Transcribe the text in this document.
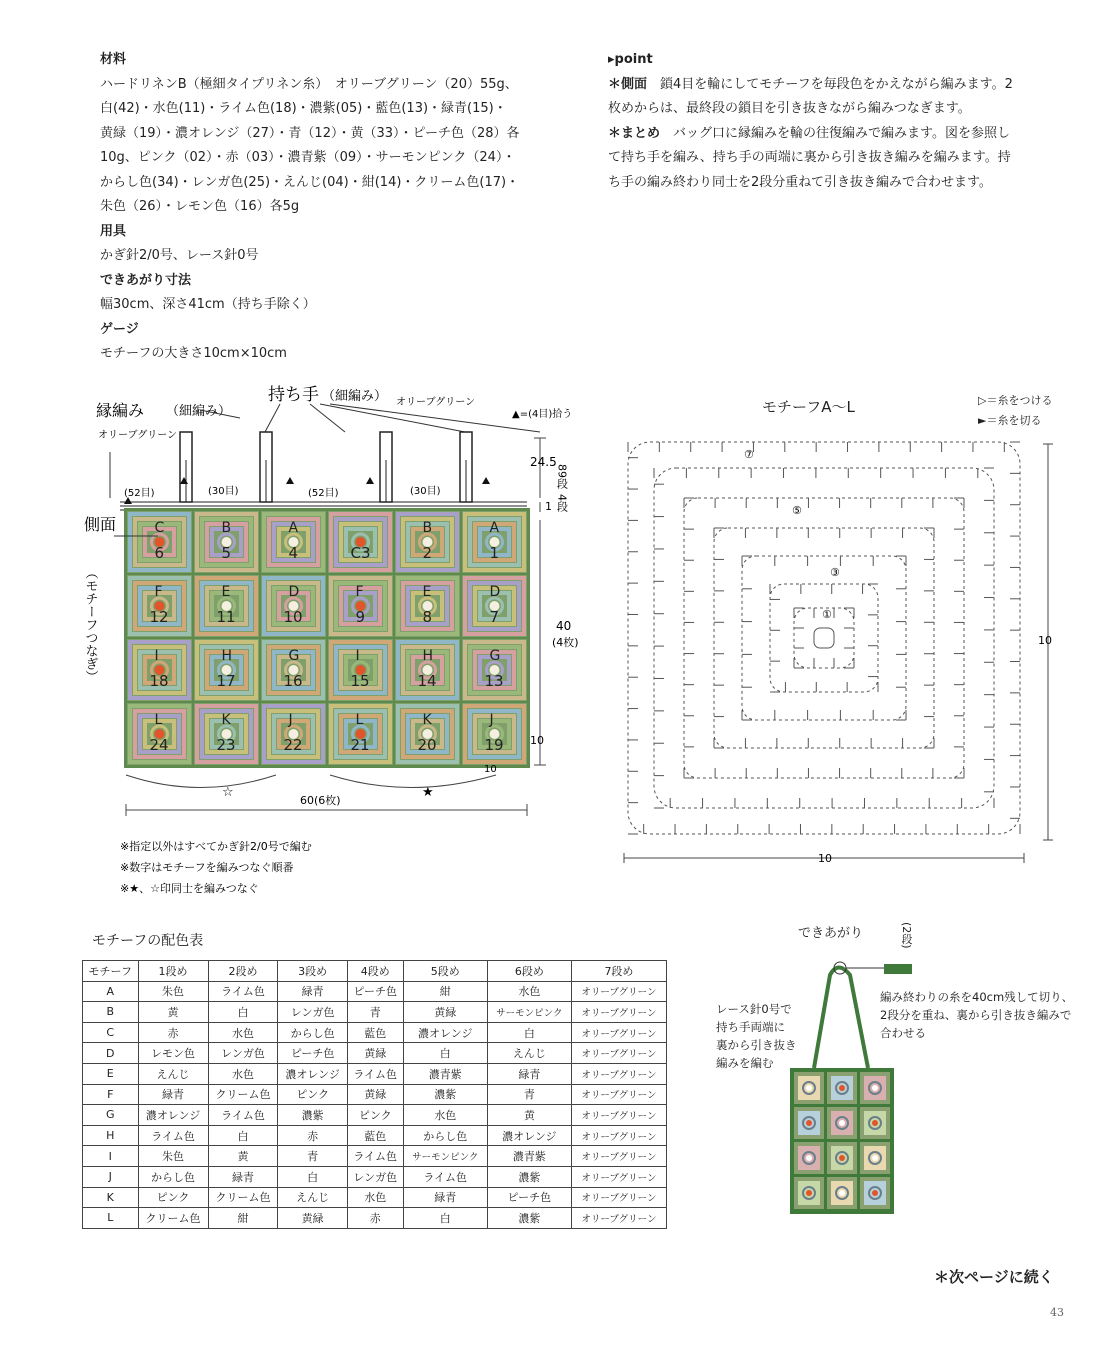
材料
ハードリネンB（極細タイプリネン糸）　オリーブグリーン（20）55g、
白(42)・水色(11)・ライム色(18)・濃紫(05)・藍色(13)・緑青(15)・
黄緑（19）・濃オレンジ（27）・青（12）・黄（33）・ピーチ色（28）各
10g、ピンク（02）・赤（03）・濃青紫（09）・サーモンピンク（24）・
からし色(34)・レンガ色(25)・えんじ(04)・紺(14)・クリーム色(17)・
朱色（26）・レモン色（16）各5g
用具
かぎ針2/0号、レース針0号
できあがり寸法
幅30cm、深さ41cm（持ち手除く）
ゲージ
モチーフの大きさ10cm×10cm
▸point
＊側面　鎖4目を輪にしてモチーフを毎段色をかえながら編みます。2
枚めからは、最終段の鎖目を引き抜きながら編みつなぎます。
＊まとめ　バッグ口に縁編みを輪の往復編みで編みます。図を参照し
て持ち手を編み、持ち手の両端に裏から引き抜き編みを編みます。持
ち手の編み終わり同士を2段分重ねて引き抜き編みで合わせます。
縁編み （細編み）
オリーブグリーン
持ち手 （細編み） オリーブグリーン
▲=(4目)拾う
(52目)	(30目)	(52目)	(30目)
C
6
B
5
A
4	C3
B
2
A
1
F
12
E
11
D
10
F
9
E
8
D
7
I
18
H
17
G
16
I
15
H
14
G
13
L
24
K
23
J
22
L
21
K
20
J
19
側面
（モチーフつなぎ）
24.5
89段
1 4段
40
(4枚)
10
10
☆	★
60(6枚)
※指定以外はすべてかぎ針2/0号で編む
※数字はモチーフを編みつなぐ順番
※★、☆印同士を編みつなぐ
モチーフA～L	▷＝糸をつける
►＝糸を切る
①
③
⑤
⑦
10
10
モチーフの配色表
モチーフ	1段め	2段め	3段め	4段め	5段め	6段め	7段め
A	朱色	ライム色	緑青	ピーチ色	紺	水色	オリーブグリーン
B	黄	白	レンガ色	青	黄緑	サーモンピンク	オリーブグリーン
C	赤	水色	からし色	藍色	濃オレンジ	白	オリーブグリーン
D	レモン色	レンガ色	ピーチ色	黄緑	白	えんじ	オリーブグリーン
E	えんじ	水色	濃オレンジ	ライム色	濃青紫	緑青	オリーブグリーン
F	緑青	クリーム色	ピンク	黄緑	濃紫	青	オリーブグリーン
G	濃オレンジ	ライム色	濃紫	ピンク	水色	黄	オリーブグリーン
H	ライム色	白	赤	藍色	からし色	濃オレンジ	オリーブグリーン
I	朱色	黄	青	ライム色	サーモンピンク	濃青紫	オリーブグリーン
J	からし色	緑青	白	レンガ色	ライム色	濃紫	オリーブグリーン
K	ピンク	クリーム色	えんじ	水色	緑青	ピーチ色	オリーブグリーン
L	クリーム色	紺	黄緑	赤	白	濃紫	オリーブグリーン
できあがり	(2段)
レース針0号で
持ち手両端に
裏から引き抜き
編みを編む
編み終わりの糸を40cm残して切り、
2段分を重ね、裏から引き抜き編みで
合わせる
＊次ページに続く
43
